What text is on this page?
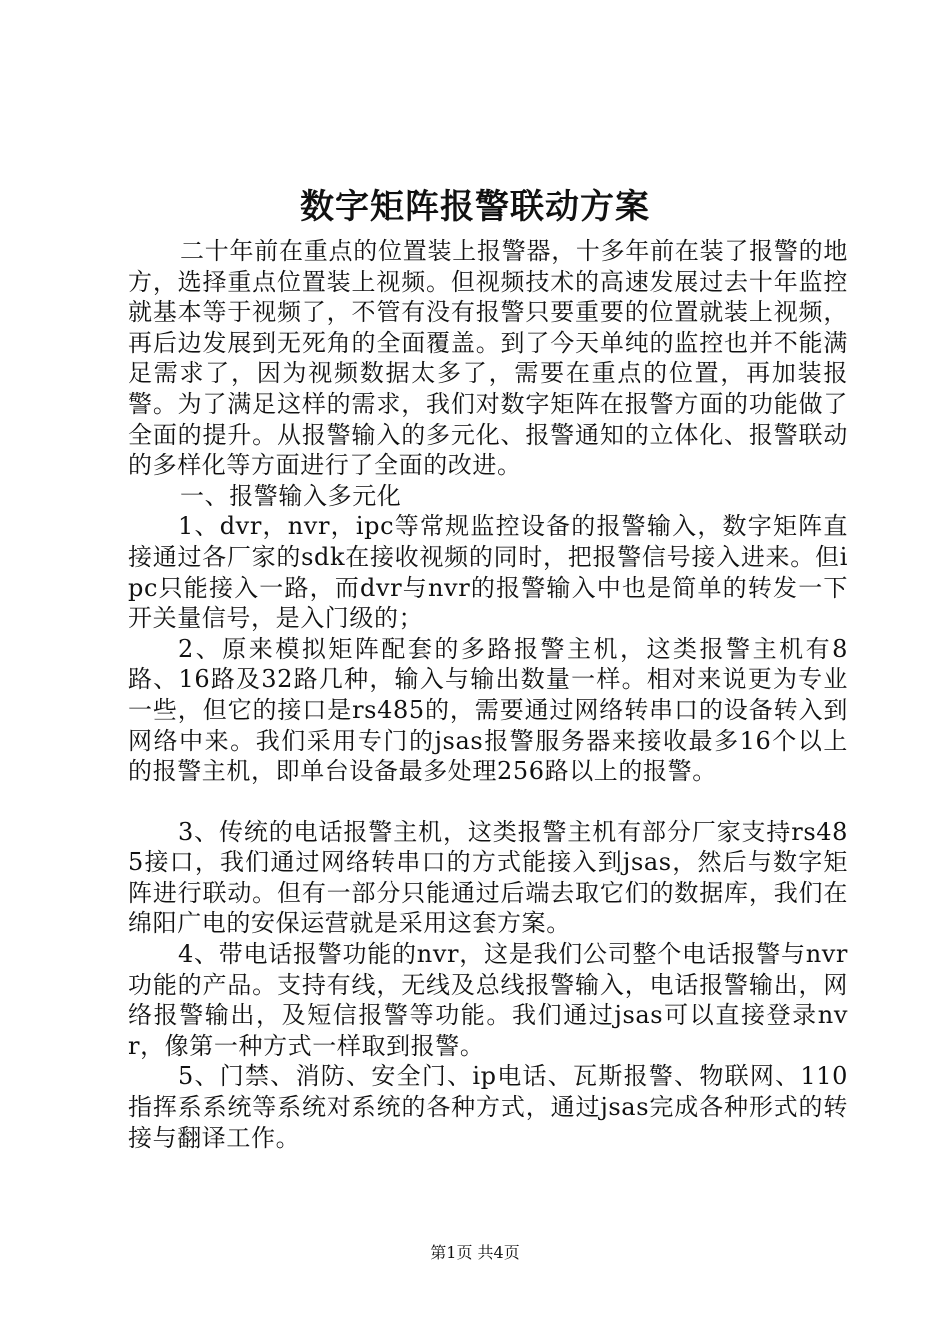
数字矩阵报警联动方案

二十年前在重点的位置装上报警器，十多年前在装了报警的地方，选择重点位置装上视频。但视频技术的高速发展过去十年监控就基本等于视频了，不管有没有报警只要重要的位置就装上视频，再后边发展到无死角的全面覆盖。到了今天单纯的监控也并不能满足需求了，因为视频数据太多了，需要在重点的位置，再加装报警。为了满足这样的需求，我们对数字矩阵在报警方面的功能做了全面的提升。从报警输入的多元化、报警通知的立体化、报警联动的多样化等方面进行了全面的改进。

一、报警输入多元化

1、dvr，nvr，ipc等常规监控设备的报警输入，数字矩阵直接通过各厂家的sdk在接收视频的同时，把报警信号接入进来。但ipc只能接入一路，而dvr与nvr的报警输入中也是简单的转发一下开关量信号，是入门级的；

2、原来模拟矩阵配套的多路报警主机，这类报警主机有8路、16路及32路几种，输入与输出数量一样。相对来说更为专业一些，但它的接口是rs485的，需要通过网络转串口的设备转入到网络中来。我们采用专门的jsas报警服务器来接收最多16个以上的报警主机，即单台设备最多处理256路以上的报警。

3、传统的电话报警主机，这类报警主机有部分厂家支持rs485接口，我们通过网络转串口的方式能接入到jsas，然后与数字矩阵进行联动。但有一部分只能通过后端去取它们的数据库，我们在绵阳广电的安保运营就是采用这套方案。

4、带电话报警功能的nvr，这是我们公司整个电话报警与nvr功能的产品。支持有线，无线及总线报警输入，电话报警输出，网络报警输出，及短信报警等功能。我们通过jsas可以直接登录nvr，像第一种方式一样取到报警。

5、门禁、消防、安全门、ip电话、瓦斯报警、物联网、110指挥系系统等系统对系统的各种方式，通过jsas完成各种形式的转接与翻译工作。

第1页 共4页
